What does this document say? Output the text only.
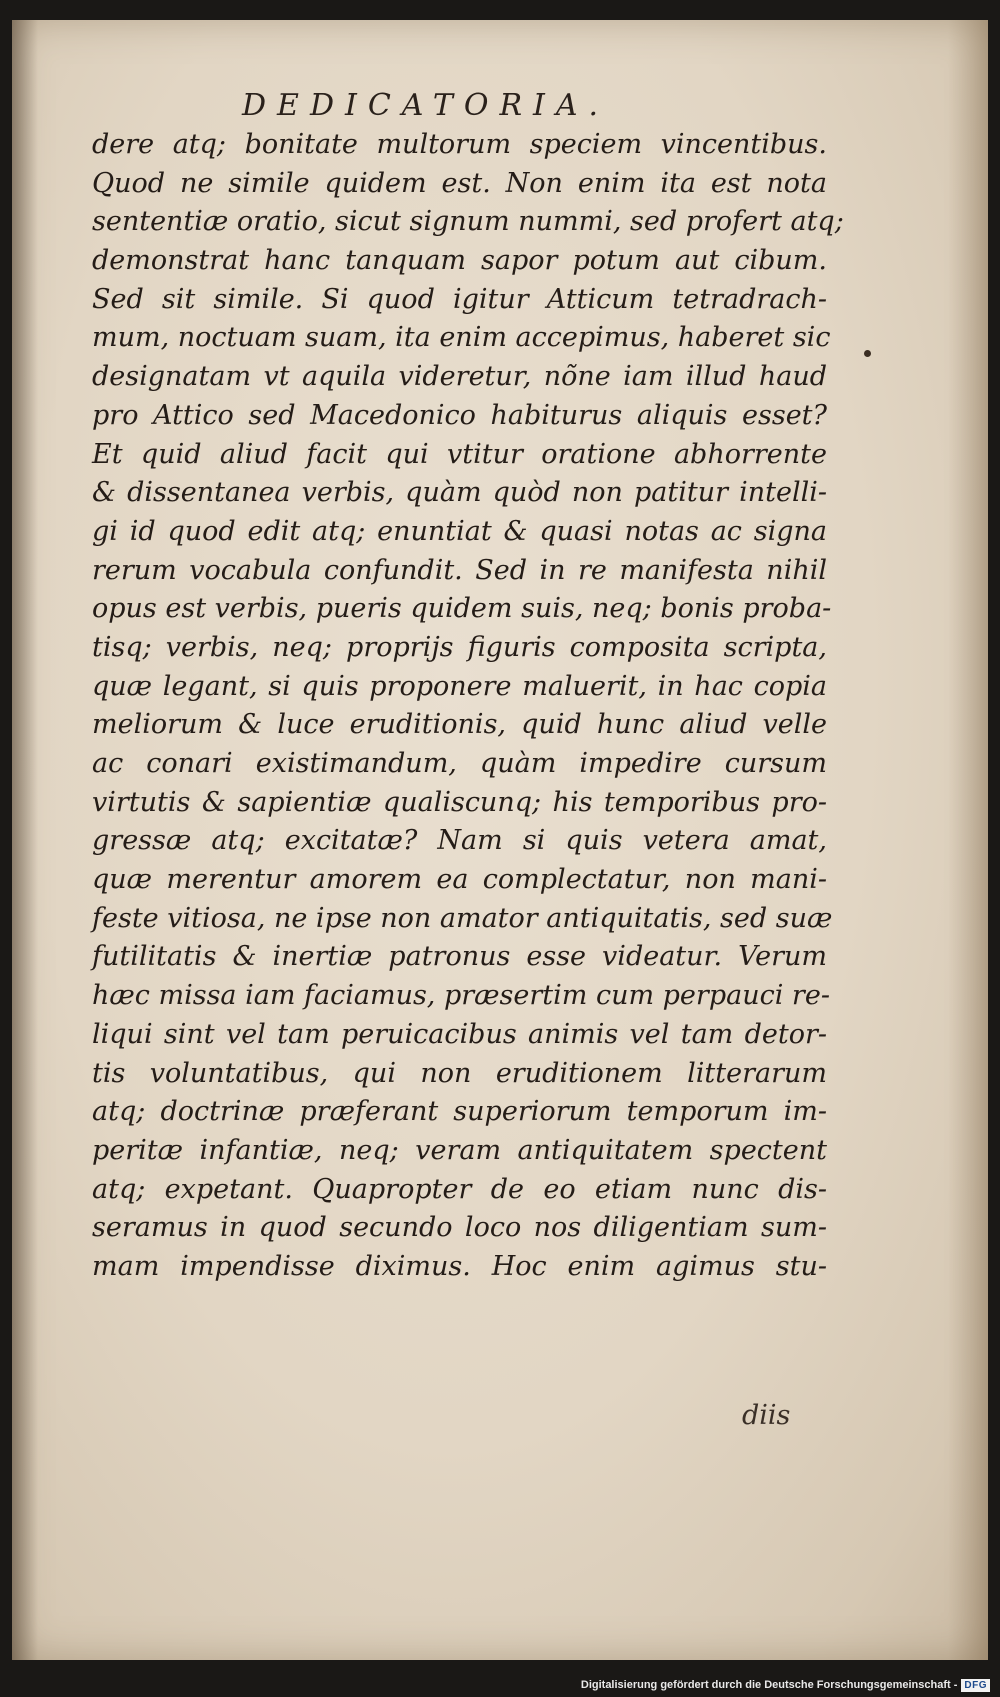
DEDICATORIA.
dere atq; bonitate multorum speciem vincentibus.
Quod ne simile quidem est. Non enim ita est nota
sententiæ oratio, sicut signum nummi, sed profert atq;
demonstrat hanc tanquam sapor potum aut cibum.
Sed sit simile. Si quod igitur Atticum tetradrach-
mum, noctuam suam, ita enim accepimus, haberet sic
designatam vt aquila videretur, nõne iam illud haud
pro Attico sed Macedonico habiturus aliquis esset?
Et quid aliud facit qui vtitur oratione abhorrente
& dissentanea verbis, quàm quòd non patitur intelli-
gi id quod edit atq; enuntiat & quasi notas ac signa
rerum vocabula confundit. Sed in re manifesta nihil
opus est verbis, pueris quidem suis, neq; bonis proba-
tisq; verbis, neq; proprijs figuris composita scripta,
quæ legant, si quis proponere maluerit, in hac copia
meliorum & luce eruditionis, quid hunc aliud velle
ac conari existimandum, quàm impedire cursum
virtutis & sapientiæ qualiscunq; his temporibus pro-
gressæ atq; excitatæ? Nam si quis vetera amat,
quæ merentur amorem ea complectatur, non mani-
feste vitiosa, ne ipse non amator antiquitatis, sed suæ
futilitatis & inertiæ patronus esse videatur. Verum
hæc missa iam faciamus, præsertim cum perpauci re-
liqui sint vel tam peruicacibus animis vel tam detor-
tis voluntatibus, qui non eruditionem litterarum
atq; doctrinæ præferant superiorum temporum im-
peritæ infantiæ, neq; veram antiquitatem spectent
atq; expetant. Quapropter de eo etiam nunc dis-
seramus in quod secundo loco nos diligentiam sum-
mam impendisse diximus. Hoc enim agimus stu-
diis
Digitalisierung gefördert durch die Deutsche Forschungsgemeinschaft - DFG
